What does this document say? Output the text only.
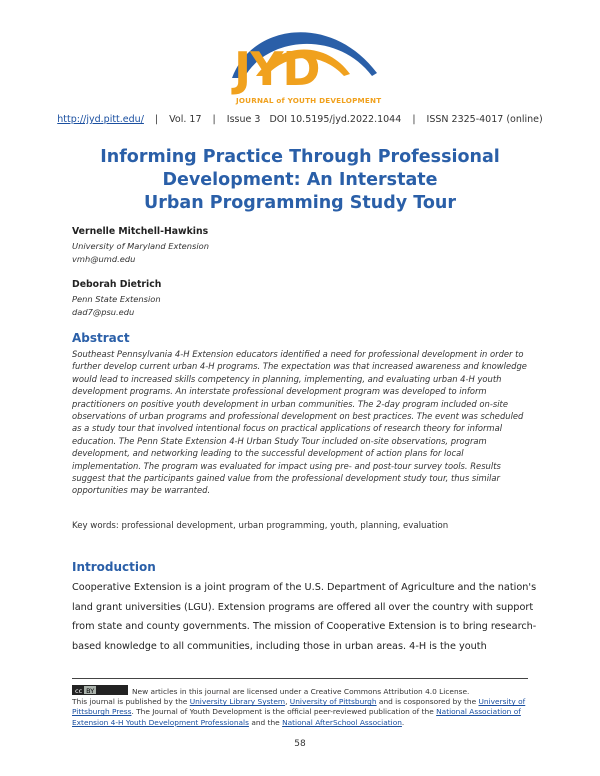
JYD
JOURNAL of YOUTH DEVELOPMENT
http://jyd.pitt.edu/ | Vol. 17 | Issue 3 DOI 10.5195/jyd.2022.1044 | ISSN 2325-4017 (online)
Informing Practice Through Professional
Development: An Interstate
Urban Programming Study Tour
Vernelle Mitchell-Hawkins
University of Maryland Extension
vmh@umd.edu
Deborah Dietrich
Penn State Extension
dad7@psu.edu
Abstract

Southeast Pennsylvania 4-H Extension educators identified a need for professional development in order to further develop current urban 4-H programs. The expectation was that increased awareness and knowledge would lead to increased skills competency in planning, implementing, and evaluating urban 4-H youth development programs. An interstate professional development program was developed to inform practitioners on positive youth development in urban communities. The 2-day program included on-site observations of urban programs and professional development on best practices. The event was scheduled as a study tour that involved intentional focus on practical applications of research theory for informal education. The Penn State Extension 4-H Urban Study Tour included on-site observations, program development, and networking leading to the successful development of action plans for local implementation. The program was evaluated for impact using pre- and post-tour survey tools. Results suggest that the participants gained value from the professional development study tour, thus similar opportunities may be warranted.

Key words: professional development, urban programming, youth, planning, evaluation
Introduction

Cooperative Extension is a joint program of the U.S. Department of Agriculture and the nation's land grant universities (LGU). Extension programs are offered all over the country with support from state and county governments. The mission of Cooperative Extension is to bring research-based knowledge to all communities, including those in urban areas. 4-H is the youth

cc BY	New articles in this journal are licensed under a Creative Commons Attribution 4.0 License.
This journal is published by the University Library System, University of Pittsburgh and is cosponsored by the University of Pittsburgh Press. The Journal of Youth Development is the official peer-reviewed publication of the National Association of Extension 4-H Youth Development Professionals and the National AfterSchool Association.
58
